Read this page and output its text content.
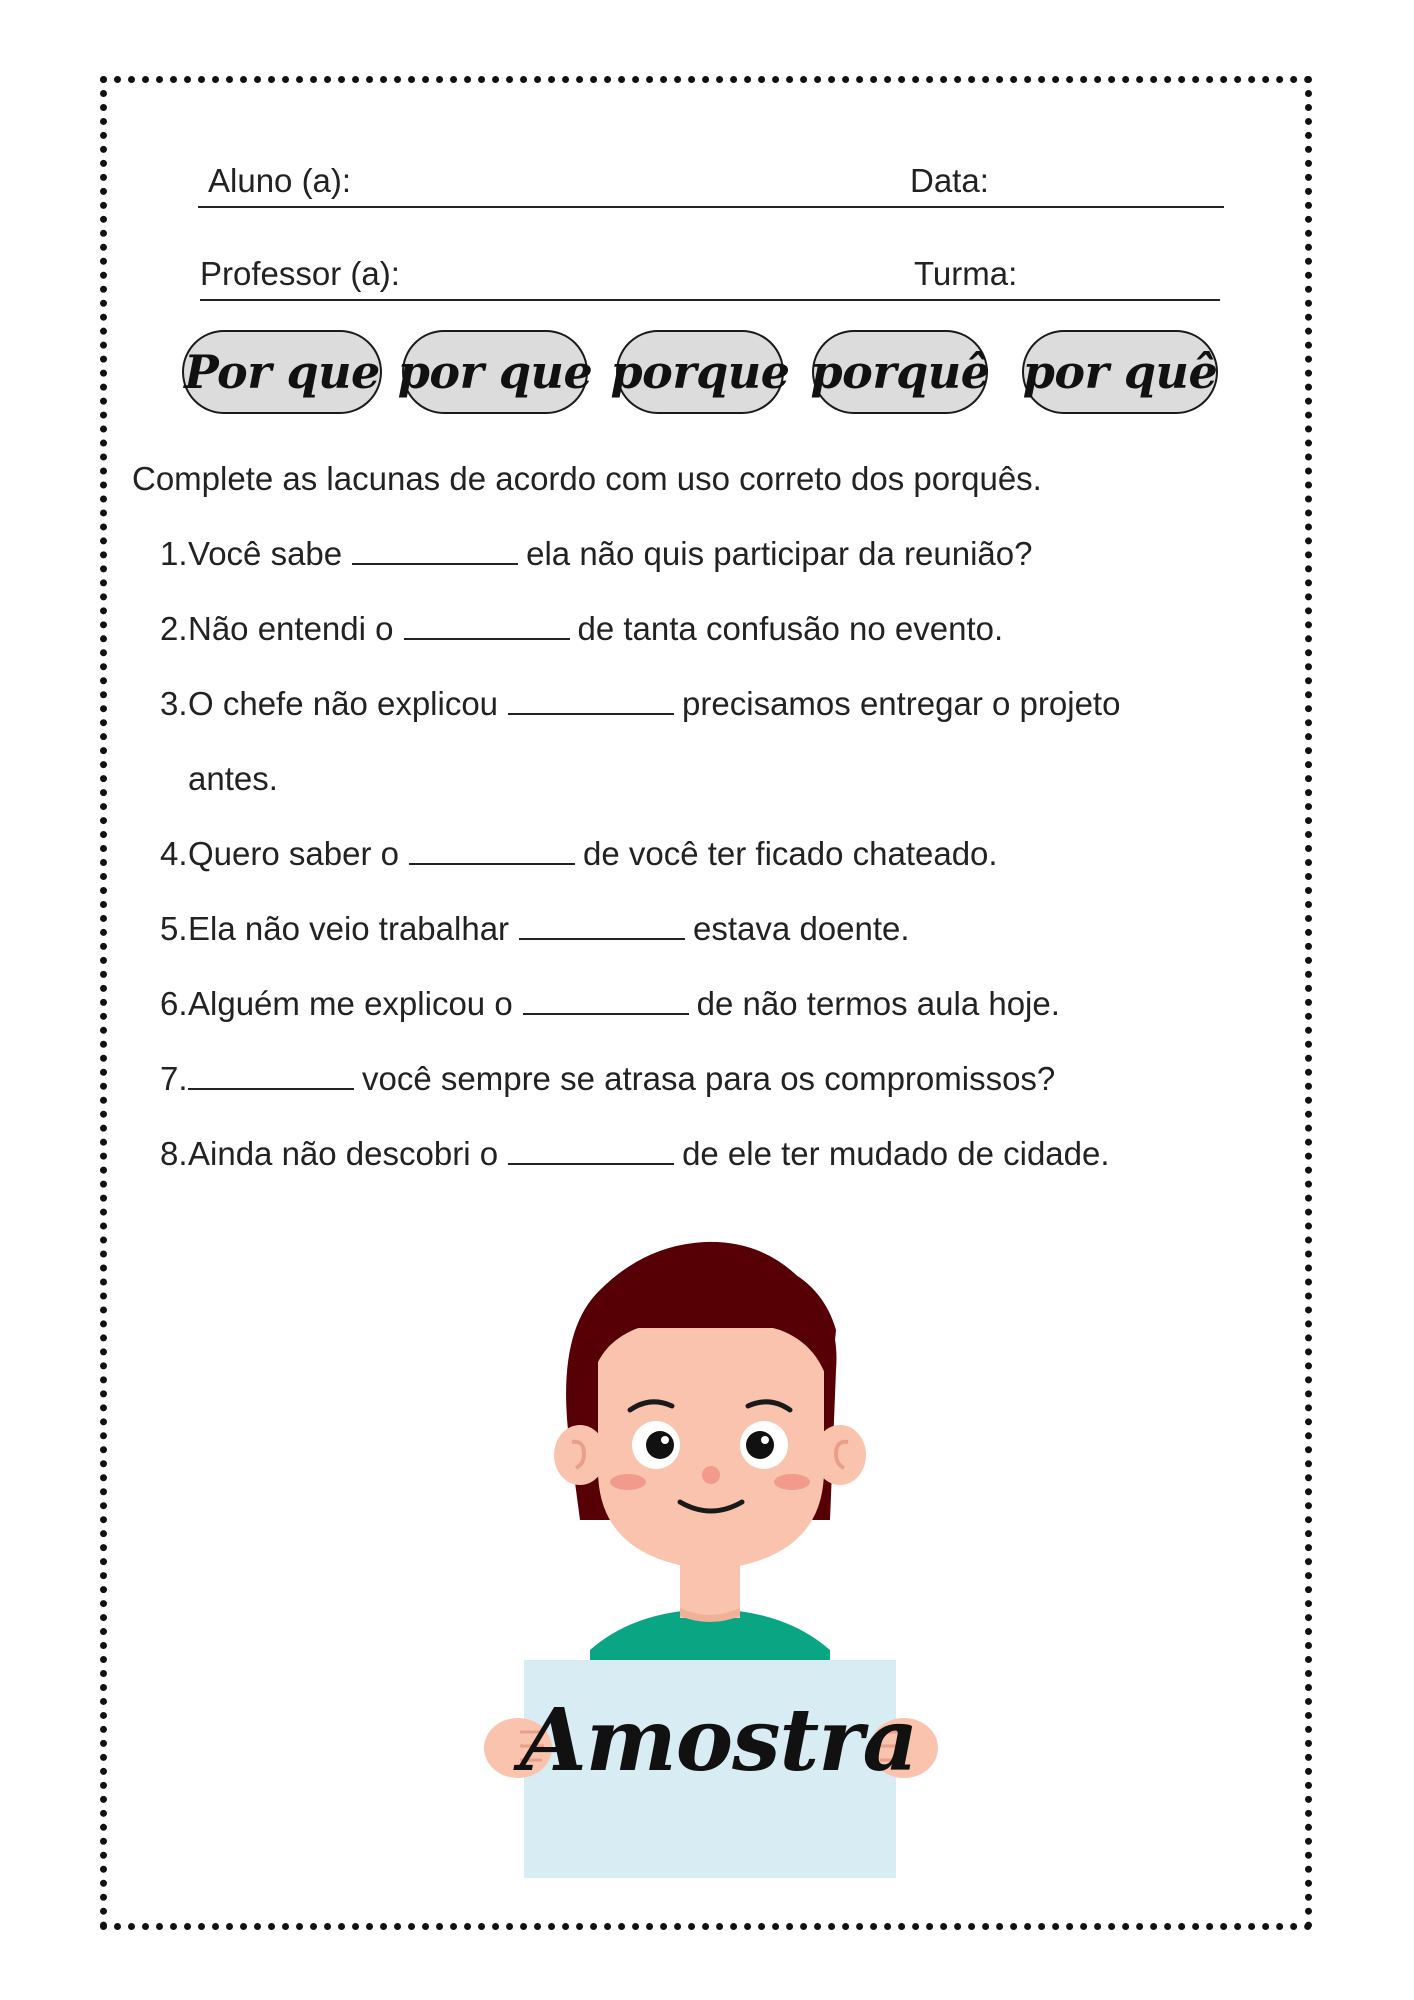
Aluno (a):	Data:
Professor (a):	Turma:
Por que por que porque porquê por quê
Complete as lacunas de acordo com uso correto dos porquês.
1.Você sabe	ela não quis participar da reunião?
2.Não entendi o	de tanta confusão no evento.
3.O chefe não explicou	precisamos entregar o projeto
antes.
4.Quero saber o	de você ter ficado chateado.
5.Ela não veio trabalhar	estava doente.
6.Alguém me explicou o	de não termos aula hoje.
7.	você sempre se atrasa para os compromissos?
8.Ainda não descobri o	de ele ter mudado de cidade.
Amostra
